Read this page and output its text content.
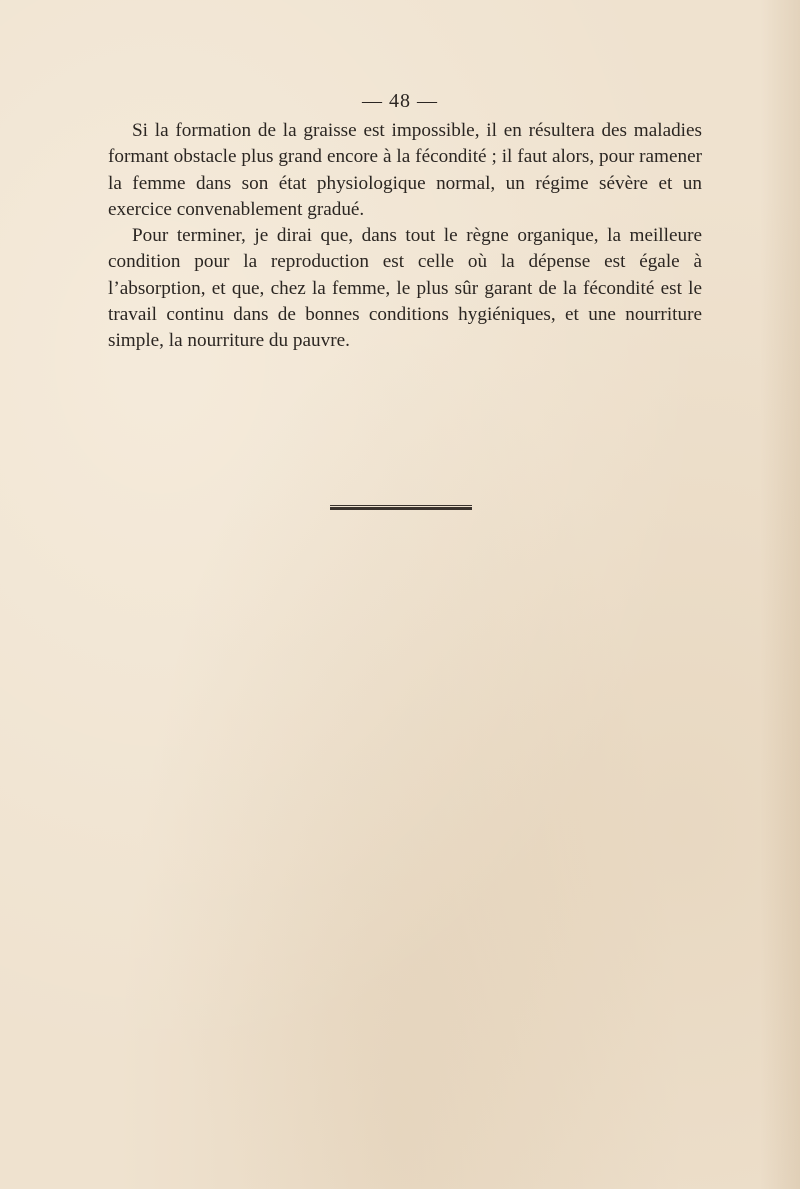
— 48 —

Si la formation de la graisse est impossible, il en résultera des maladies formant obstacle plus grand encore à la fécondité ; il faut alors, pour ramener la femme dans son état physiologique normal, un régime sévère et un exercice convenablement gradué.

Pour terminer, je dirai que, dans tout le règne organique, la meilleure condition pour la reproduction est celle où la dépense est égale à l’absorption, et que, chez la femme, le plus sûr garant de la fécondité est le travail continu dans de bonnes conditions hygiéniques, et une nourriture simple, la nourriture du pauvre.
